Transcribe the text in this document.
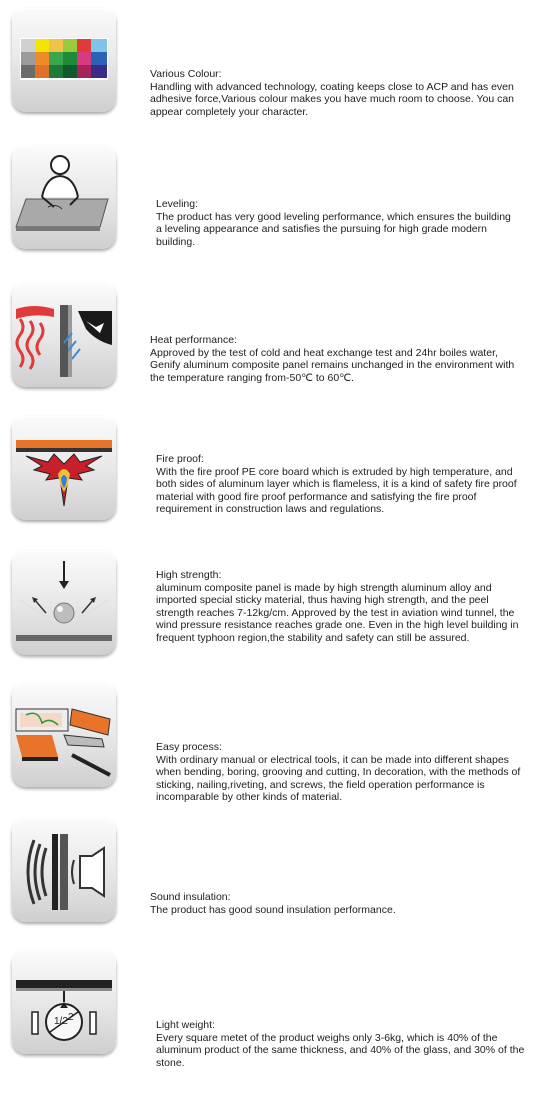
Various Colour:
Handling with advanced technology, coating keeps close to ACP and has even adhesive force,Various colour makes you have much room to choose. You can appear completely your character.
Leveling:
The product has very good leveling performance, which ensures the building a leveling appearance and satisfies the pursuing for high grade modern building.
Heat performance:
Approved by the test of cold and heat exchange test and 24hr boiles water, Genify aluminum composite panel remains unchanged in the environment with the temperature ranging from-50℃ to 60℃.
Fire proof:
With the fire proof PE core board which is extruded by high temperature, and both sides of aluminum layer which is flameless, it is a kind of safety fire proof material with good fire proof performance and satisfying the fire proof requirement in construction laws and regulations.
High strength:
aluminum composite panel is made by high strength aluminum alloy and imported special sticky material, thus having high strength, and the peel strength reaches 7-12kg/cm. Approved by the test in aviation wind tunnel, the wind pressure resistance reaches grade one. Even in the high level building in frequent typhoon region,the stability and safety can still be assured.
Easy process:
With ordinary manual or electrical tools, it can be made into different shapes when bending, boring, grooving and cutting, In decoration, with the methods of sticking, nailing,riveting, and screws, the field operation performance is incomparable by other kinds of material.
Sound insulation:
The product has good sound insulation performance.
1/2 2
Light weight:
Every square metet of the product weighs only 3-6kg, which is 40% of the aluminum product of the same thickness, and 40% of the glass, and 30% of the stone.
